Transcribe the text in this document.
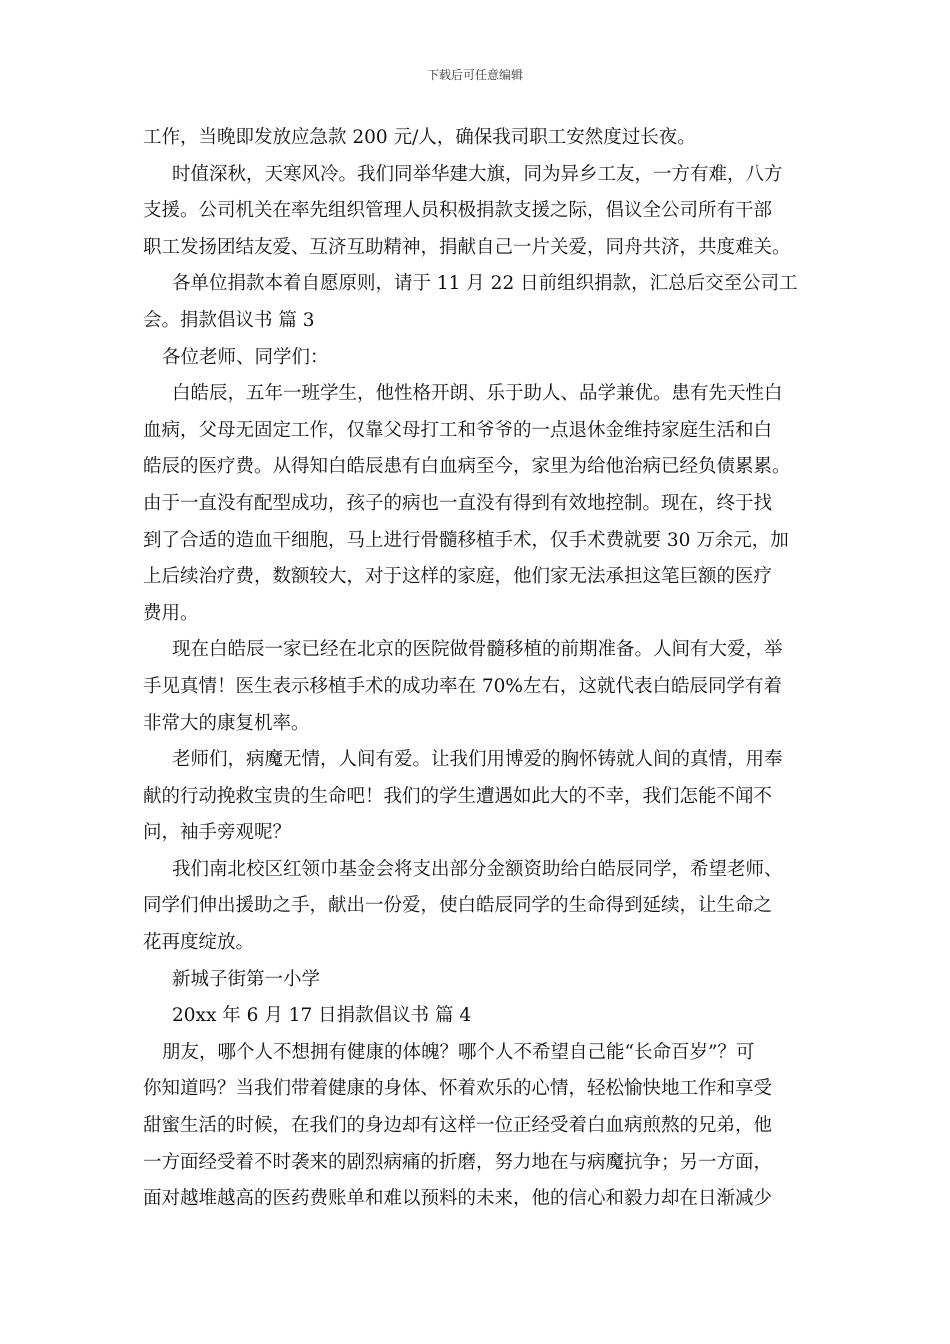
下载后可任意编辑
工作，当晚即发放应急款 200 元/人，确保我司职工安然度过长夜。
时值深秋，天寒风冷。我们同举华建大旗，同为异乡工友，一方有难，八方
支援。公司机关在率先组织管理人员积极捐款支援之际，倡议全公司所有干部
职工发扬团结友爱、互济互助精神，捐献自己一片关爱，同舟共济，共度难关。
各单位捐款本着自愿原则，请于 11 月 22 日前组织捐款，汇总后交至公司工
会。捐款倡议书 篇 3
各位老师、同学们：
白皓辰，五年一班学生，他性格开朗、乐于助人、品学兼优。患有先天性白
血病，父母无固定工作，仅靠父母打工和爷爷的一点退休金维持家庭生活和白
皓辰的医疗费。从得知白皓辰患有白血病至今，家里为给他治病已经负债累累。
由于一直没有配型成功，孩子的病也一直没有得到有效地控制。现在，终于找
到了合适的造血干细胞，马上进行骨髓移植手术，仅手术费就要 30 万余元，加
上后续治疗费，数额较大，对于这样的家庭，他们家无法承担这笔巨额的医疗
费用。
现在白皓辰一家已经在北京的医院做骨髓移植的前期准备。人间有大爱，举
手见真情！医生表示移植手术的成功率在 70%左右，这就代表白皓辰同学有着
非常大的康复机率。
老师们，病魔无情，人间有爱。让我们用博爱的胸怀铸就人间的真情，用奉
献的行动挽救宝贵的生命吧！我们的学生遭遇如此大的不幸，我们怎能不闻不
问，袖手旁观呢？
我们南北校区红领巾基金会将支出部分金额资助给白皓辰同学，希望老师、
同学们伸出援助之手，献出一份爱，使白皓辰同学的生命得到延续，让生命之
花再度绽放。
新城子街第一小学
20xx 年 6 月 17 日捐款倡议书 篇 4
朋友，哪个人不想拥有健康的体魄？哪个人不希望自己能“长命百岁”？可
你知道吗？当我们带着健康的身体、怀着欢乐的心情，轻松愉快地工作和享受
甜蜜生活的时候，在我们的身边却有这样一位正经受着白血病煎熬的兄弟，他
一方面经受着不时袭来的剧烈病痛的折磨，努力地在与病魔抗争；另一方面，
面对越堆越高的医药费账单和难以预料的未来，他的信心和毅力却在日渐减少
